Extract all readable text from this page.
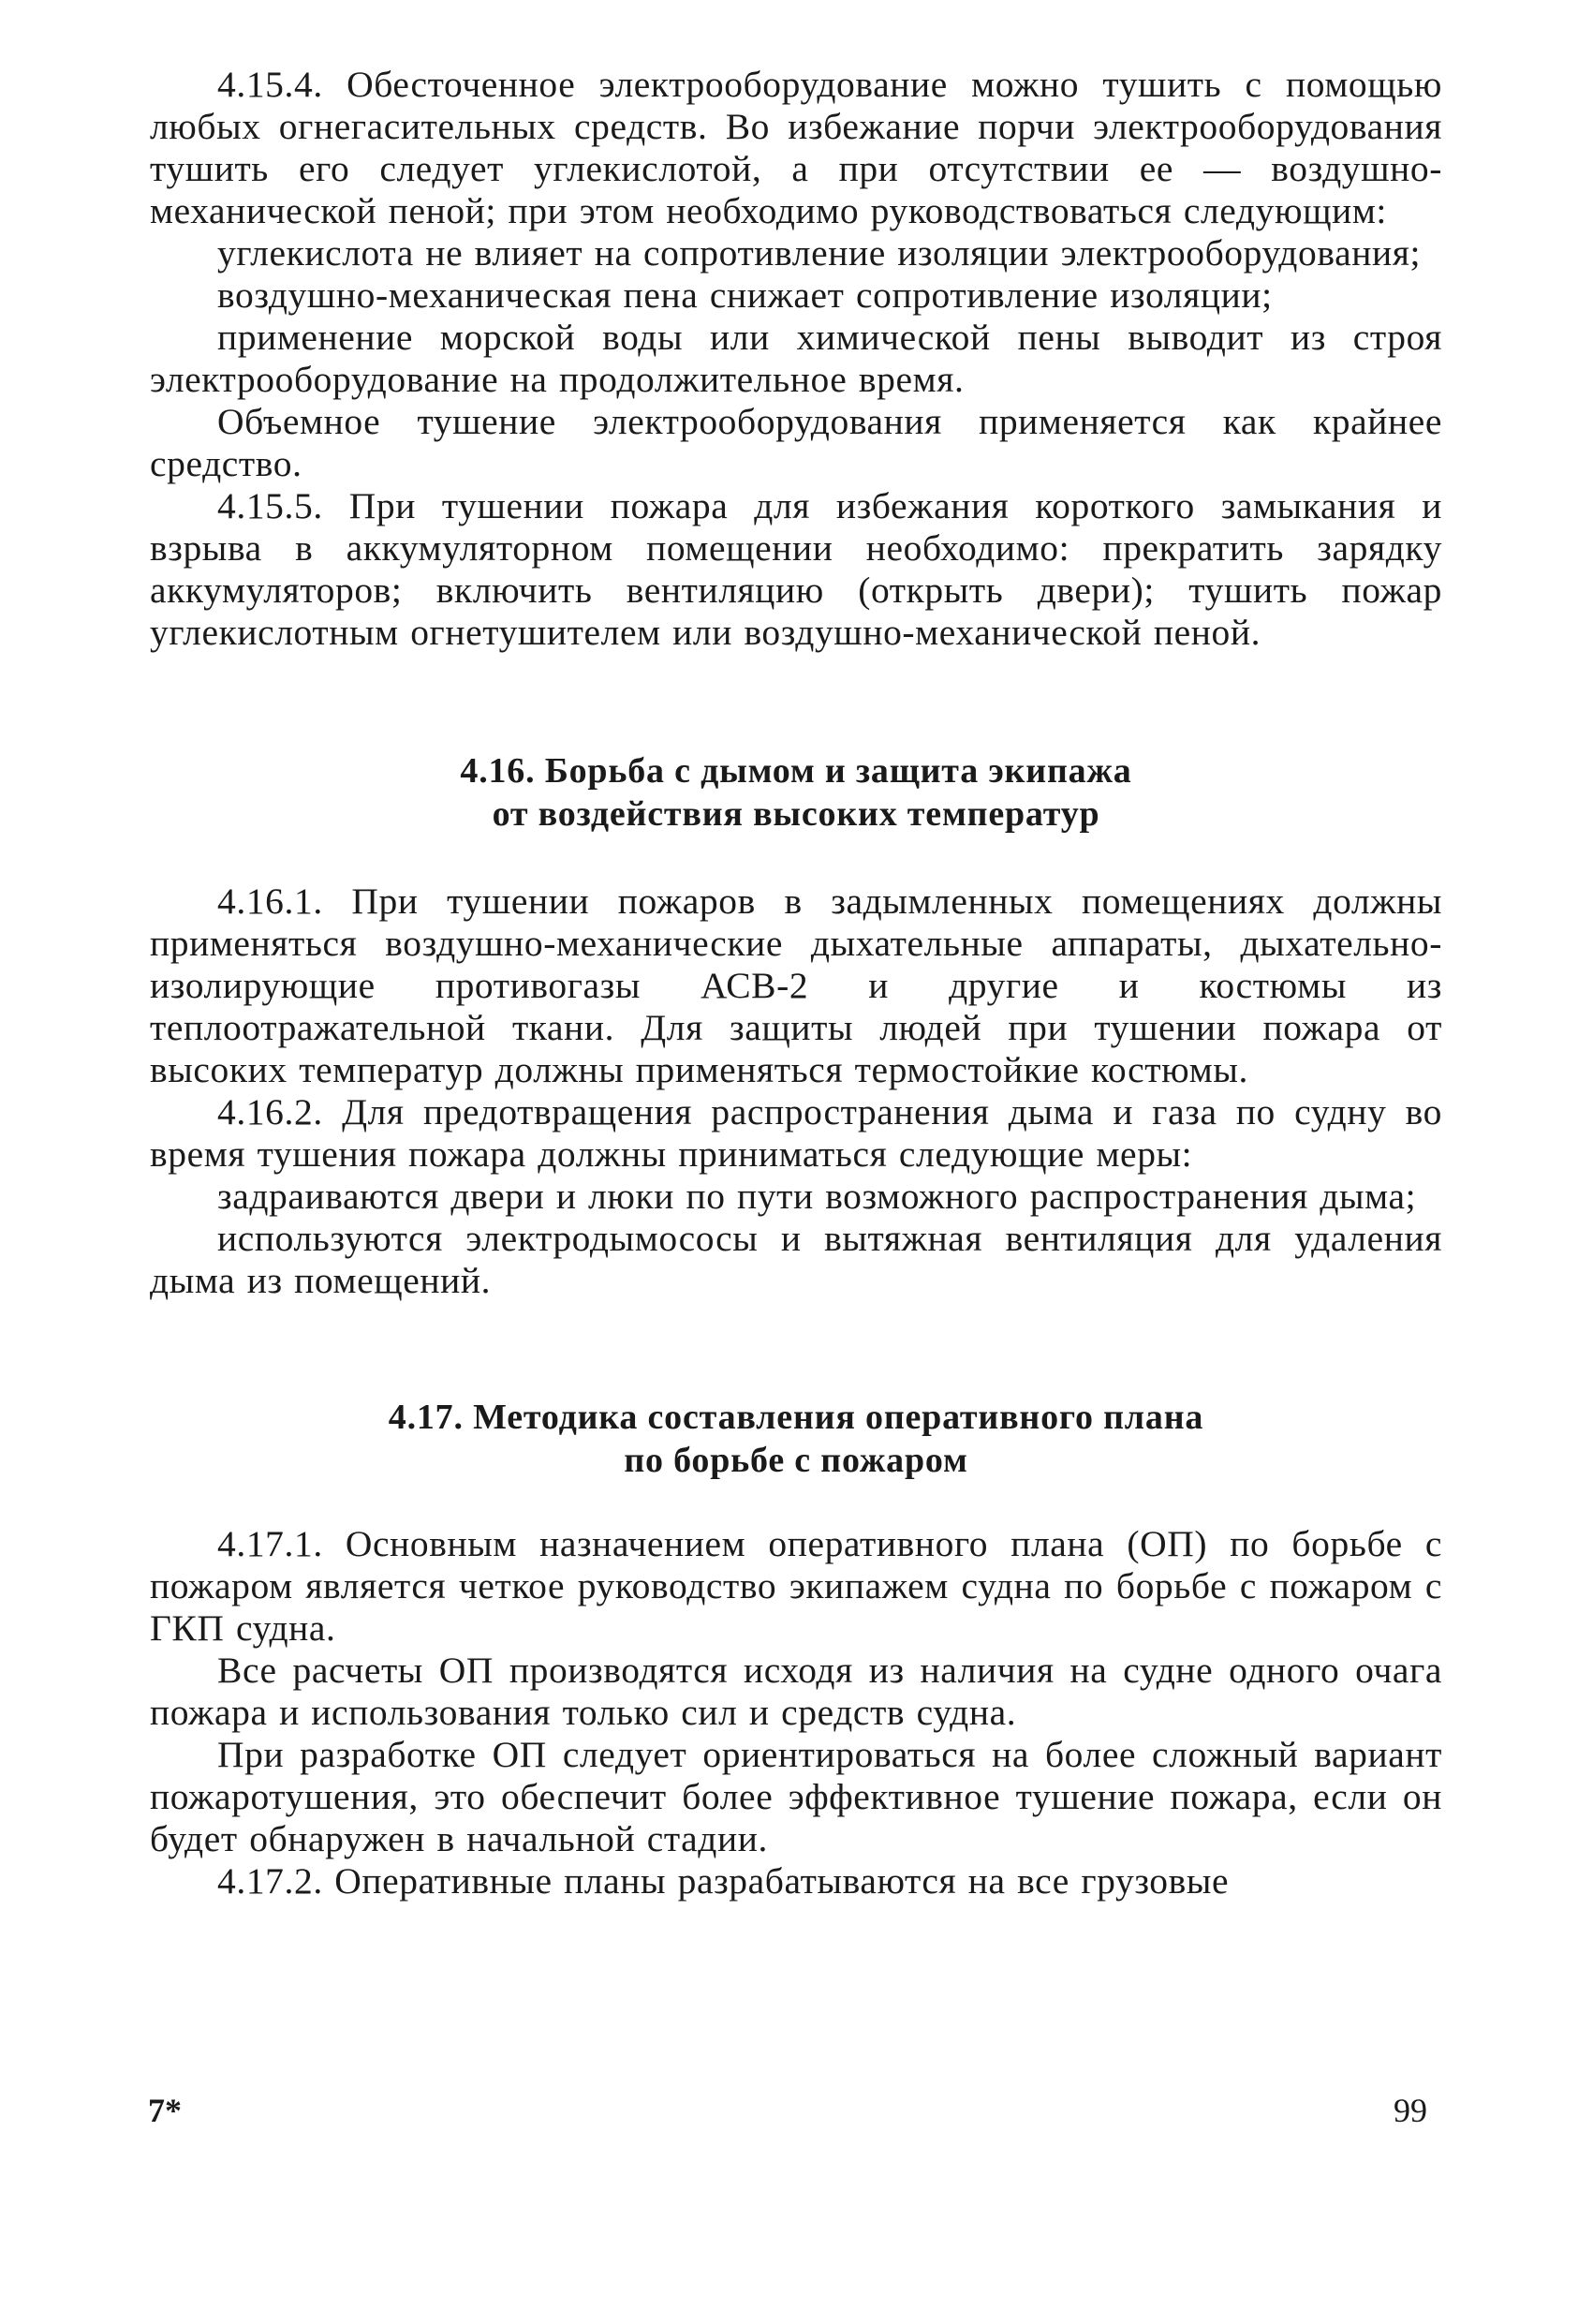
4.15.4. Обесточенное электрооборудование можно тушить с помощью любых огнегасительных средств. Во избежание порчи электрооборудования тушить его следует углекислотой, а при отсутствии ее — воздушно-механической пеной; при этом необходимо руководствоваться следующим:

углекислота не влияет на сопротивление изоляции электрооборудования;

воздушно-механическая пена снижает сопротивление изоляции;

применение морской воды или химической пены выводит из строя электрооборудование на продолжительное время.

Объемное тушение электрооборудования применяется как крайнее средство.

4.15.5. При тушении пожара для избежания короткого замыкания и взрыва в аккумуляторном помещении необходимо: прекратить зарядку аккумуляторов; включить вентиляцию (открыть двери); тушить пожар углекислотным огнетушителем или воздушно-механической пеной.

4.16. Борьба с дымом и защита экипажа
от воздействия высоких температур

4.16.1. При тушении пожаров в задымленных помещениях должны применяться воздушно-механические дыхательные аппараты, дыхательно-изолирующие противогазы АСВ-2 и другие и костюмы из теплоотражательной ткани. Для защиты людей при тушении пожара от высоких температур должны применяться термостойкие костюмы.

4.16.2. Для предотвращения распространения дыма и газа по судну во время тушения пожара должны приниматься следующие меры:

задраиваются двери и люки по пути возможного распространения дыма;

используются электродымососы и вытяжная вентиляция для удаления дыма из помещений.

4.17. Методика составления оперативного плана
по борьбе с пожаром

4.17.1. Основным назначением оперативного плана (ОП) по борьбе с пожаром является четкое руководство экипажем судна по борьбе с пожаром с ГКП судна.

Все расчеты ОП производятся исходя из наличия на судне одного очага пожара и использования только сил и средств судна.

При разработке ОП следует ориентироваться на более сложный вариант пожаротушения, это обеспечит более эффективное тушение пожара, если он будет обнаружен в начальной стадии.

4.17.2. Оперативные планы разрабатываются на все грузовые

7*	99
